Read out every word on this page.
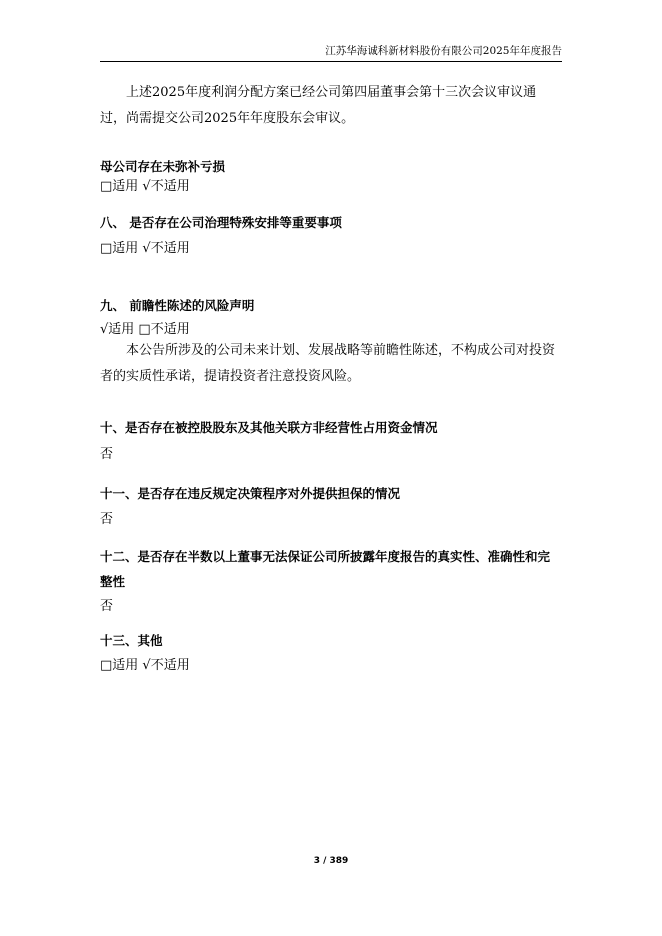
江苏华海诚科新材料股份有限公司2025年年度报告

上述2025年度利润分配方案已经公司第四届董事会第十三次会议审议通过，尚需提交公司2025年年度股东会审议。

母公司存在未弥补亏损

□适用 √不适用

八、 是否存在公司治理特殊安排等重要事项

□适用 √不适用

九、 前瞻性陈述的风险声明

√适用 □不适用

本公告所涉及的公司未来计划、发展战略等前瞻性陈述，不构成公司对投资者的实质性承诺，提请投资者注意投资风险。

十、是否存在被控股股东及其他关联方非经营性占用资金情况

否

十一、是否存在违反规定决策程序对外提供担保的情况

否

十二、是否存在半数以上董事无法保证公司所披露年度报告的真实性、准确性和完整性

否

十三、其他

□适用 √不适用

3 / 389
